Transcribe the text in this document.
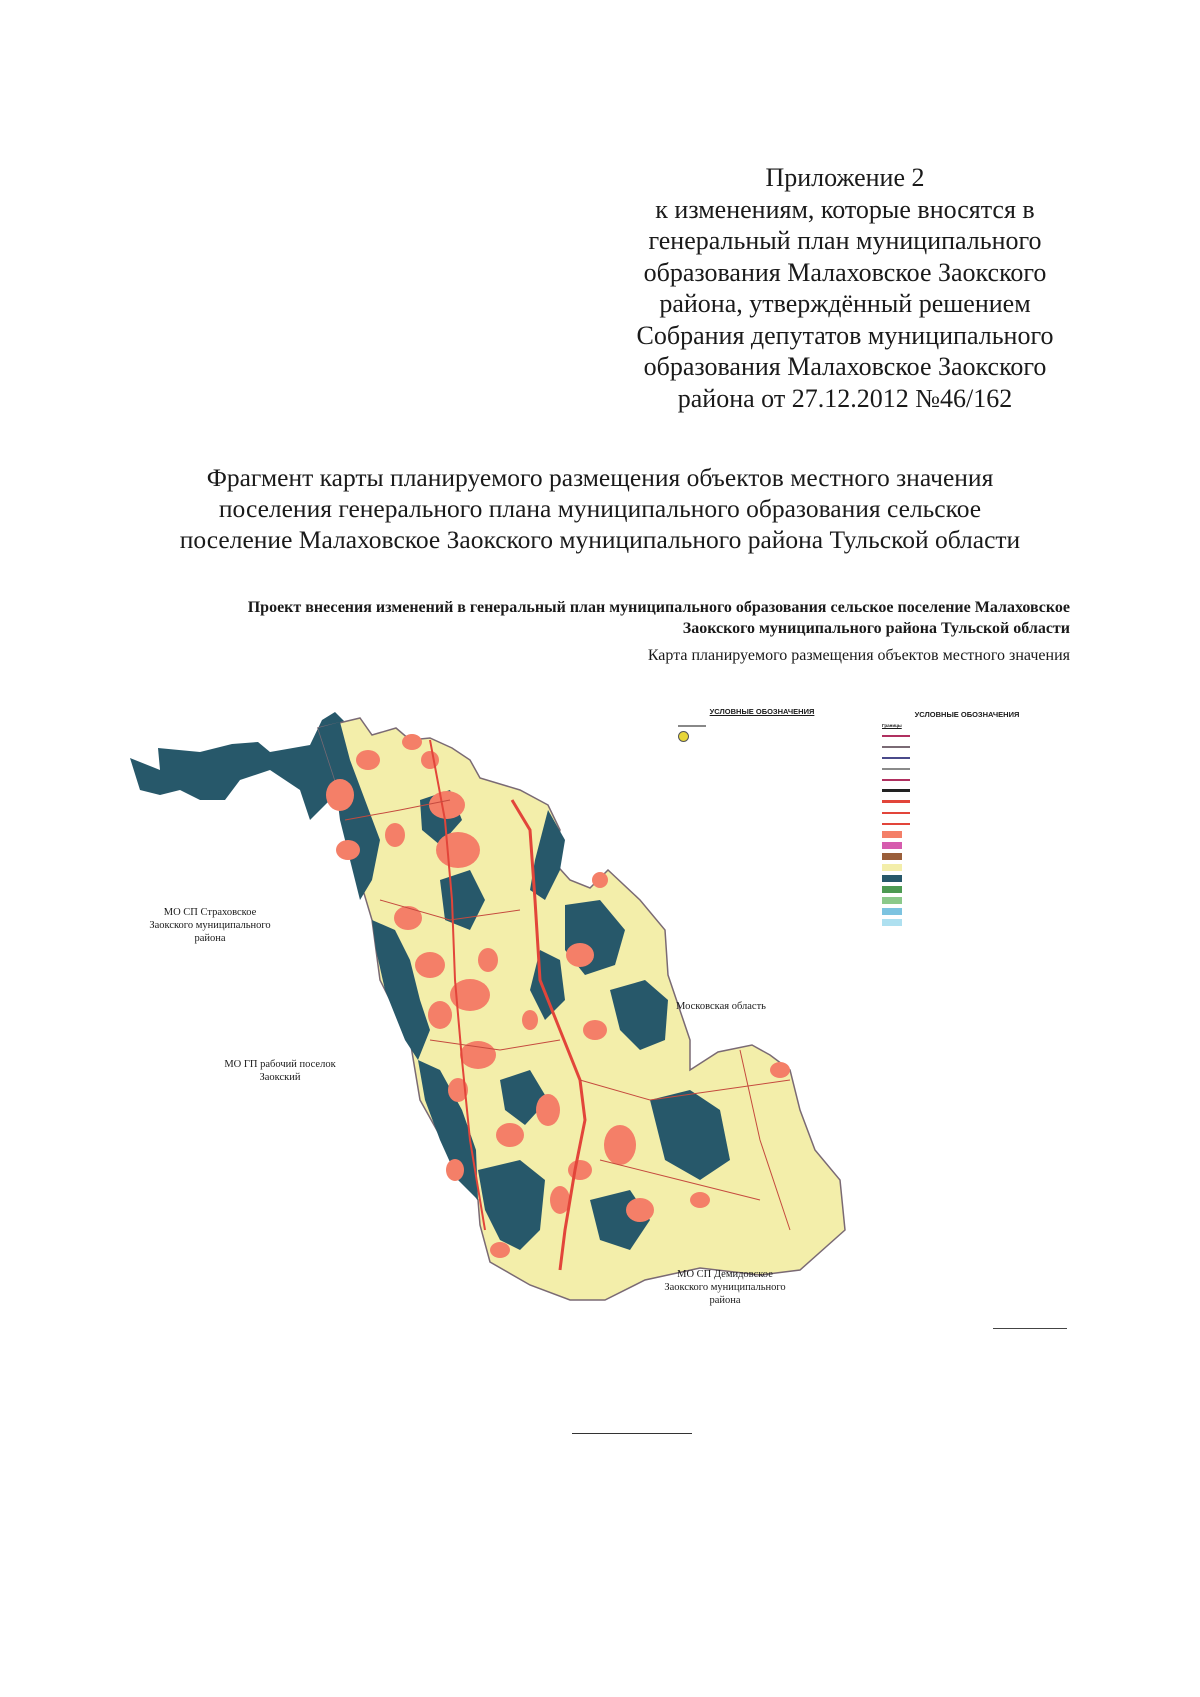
Приложение 2
к изменениям, которые вносятся в
генеральный план муниципального
образования Малаховское Заокского
района, утверждённый решением
Собрания депутатов муниципального
образования Малаховское Заокского
района от 27.12.2012 №46/162
Фрагмент карты планируемого размещения объектов местного значения
поселения генерального плана муниципального образования сельское
поселение Малаховское Заокского муниципального района Тульской области
Проект внесения изменений в генеральный план муниципального образования сельское поселение Малаховское
Заокского муниципального района Тульской области
Карта планируемого размещения объектов местного значения
МО СП Страховское
Заокского муниципального
района
МО ГП рабочий поселок
Заокский
Московская область
МО СП Демидовское
Заокского муниципального
района
УСЛОВНЫЕ ОБОЗНАЧЕНИЯ	УСЛОВНЫЕ ОБОЗНАЧЕНИЯ
Границы
